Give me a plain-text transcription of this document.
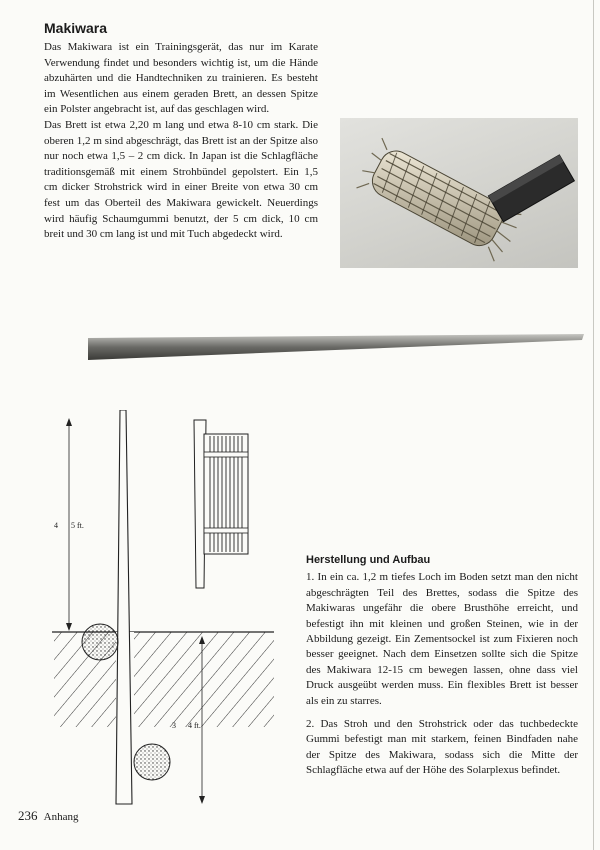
Makiwara

Das Makiwara ist ein Trainingsgerät, das nur im Karate Verwendung findet und besonders wichtig ist, um die Hände abzuhärten und die Handtechniken zu trainieren. Es besteht im Wesentlichen aus einem geraden Brett, an dessen Spitze ein Polster angebracht ist, auf das geschlagen wird.

Das Brett ist etwa 2,20 m lang und etwa 8-10 cm stark. Die oberen 1,2 m sind abgeschrägt, das Brett ist an der Spitze also nur noch etwa 1,5 – 2 cm dick. In Japan ist die Schlagfläche traditionsgemäß mit einem Strohbündel gepolstert. Ein 1,5 cm dicker Strohstrick wird in einer Breite von etwa 30 cm fest um das Oberteil des Makiwara gewickelt. Neuerdings wird häufig Schaumgummi benutzt, der 5 cm dick, 10 cm breit und 30 cm lang ist und mit Tuch abgedeckt wird.

4 5 ft.
3 4 ft.
Herstellung und Aufbau

1. In ein ca. 1,2 m tiefes Loch im Boden setzt man den nicht abgeschrägten Teil des Brettes, sodass die Spitze des Makiwaras ungefähr die obere Brusthöhe erreicht, und befestigt ihn mit kleinen und großen Steinen, wie in der Abbildung gezeigt. Ein Zementsockel ist zum Fixieren noch besser geeignet. Nach dem Einsetzen sollte sich die Spitze des Makiwara 12-15 cm bewegen lassen, ohne dass viel Druck ausgeübt werden muss. Ein flexibles Brett ist besser als ein zu starres.

2. Das Stroh und den Strohstrick oder das tuchbedeckte Gummi befestigt man mit starkem, feinen Bindfaden nahe der Spitze des Makiwara, sodass sich die Mitte der Schlagfläche etwa auf der Höhe des Solarplexus befindet.

236 Anhang
